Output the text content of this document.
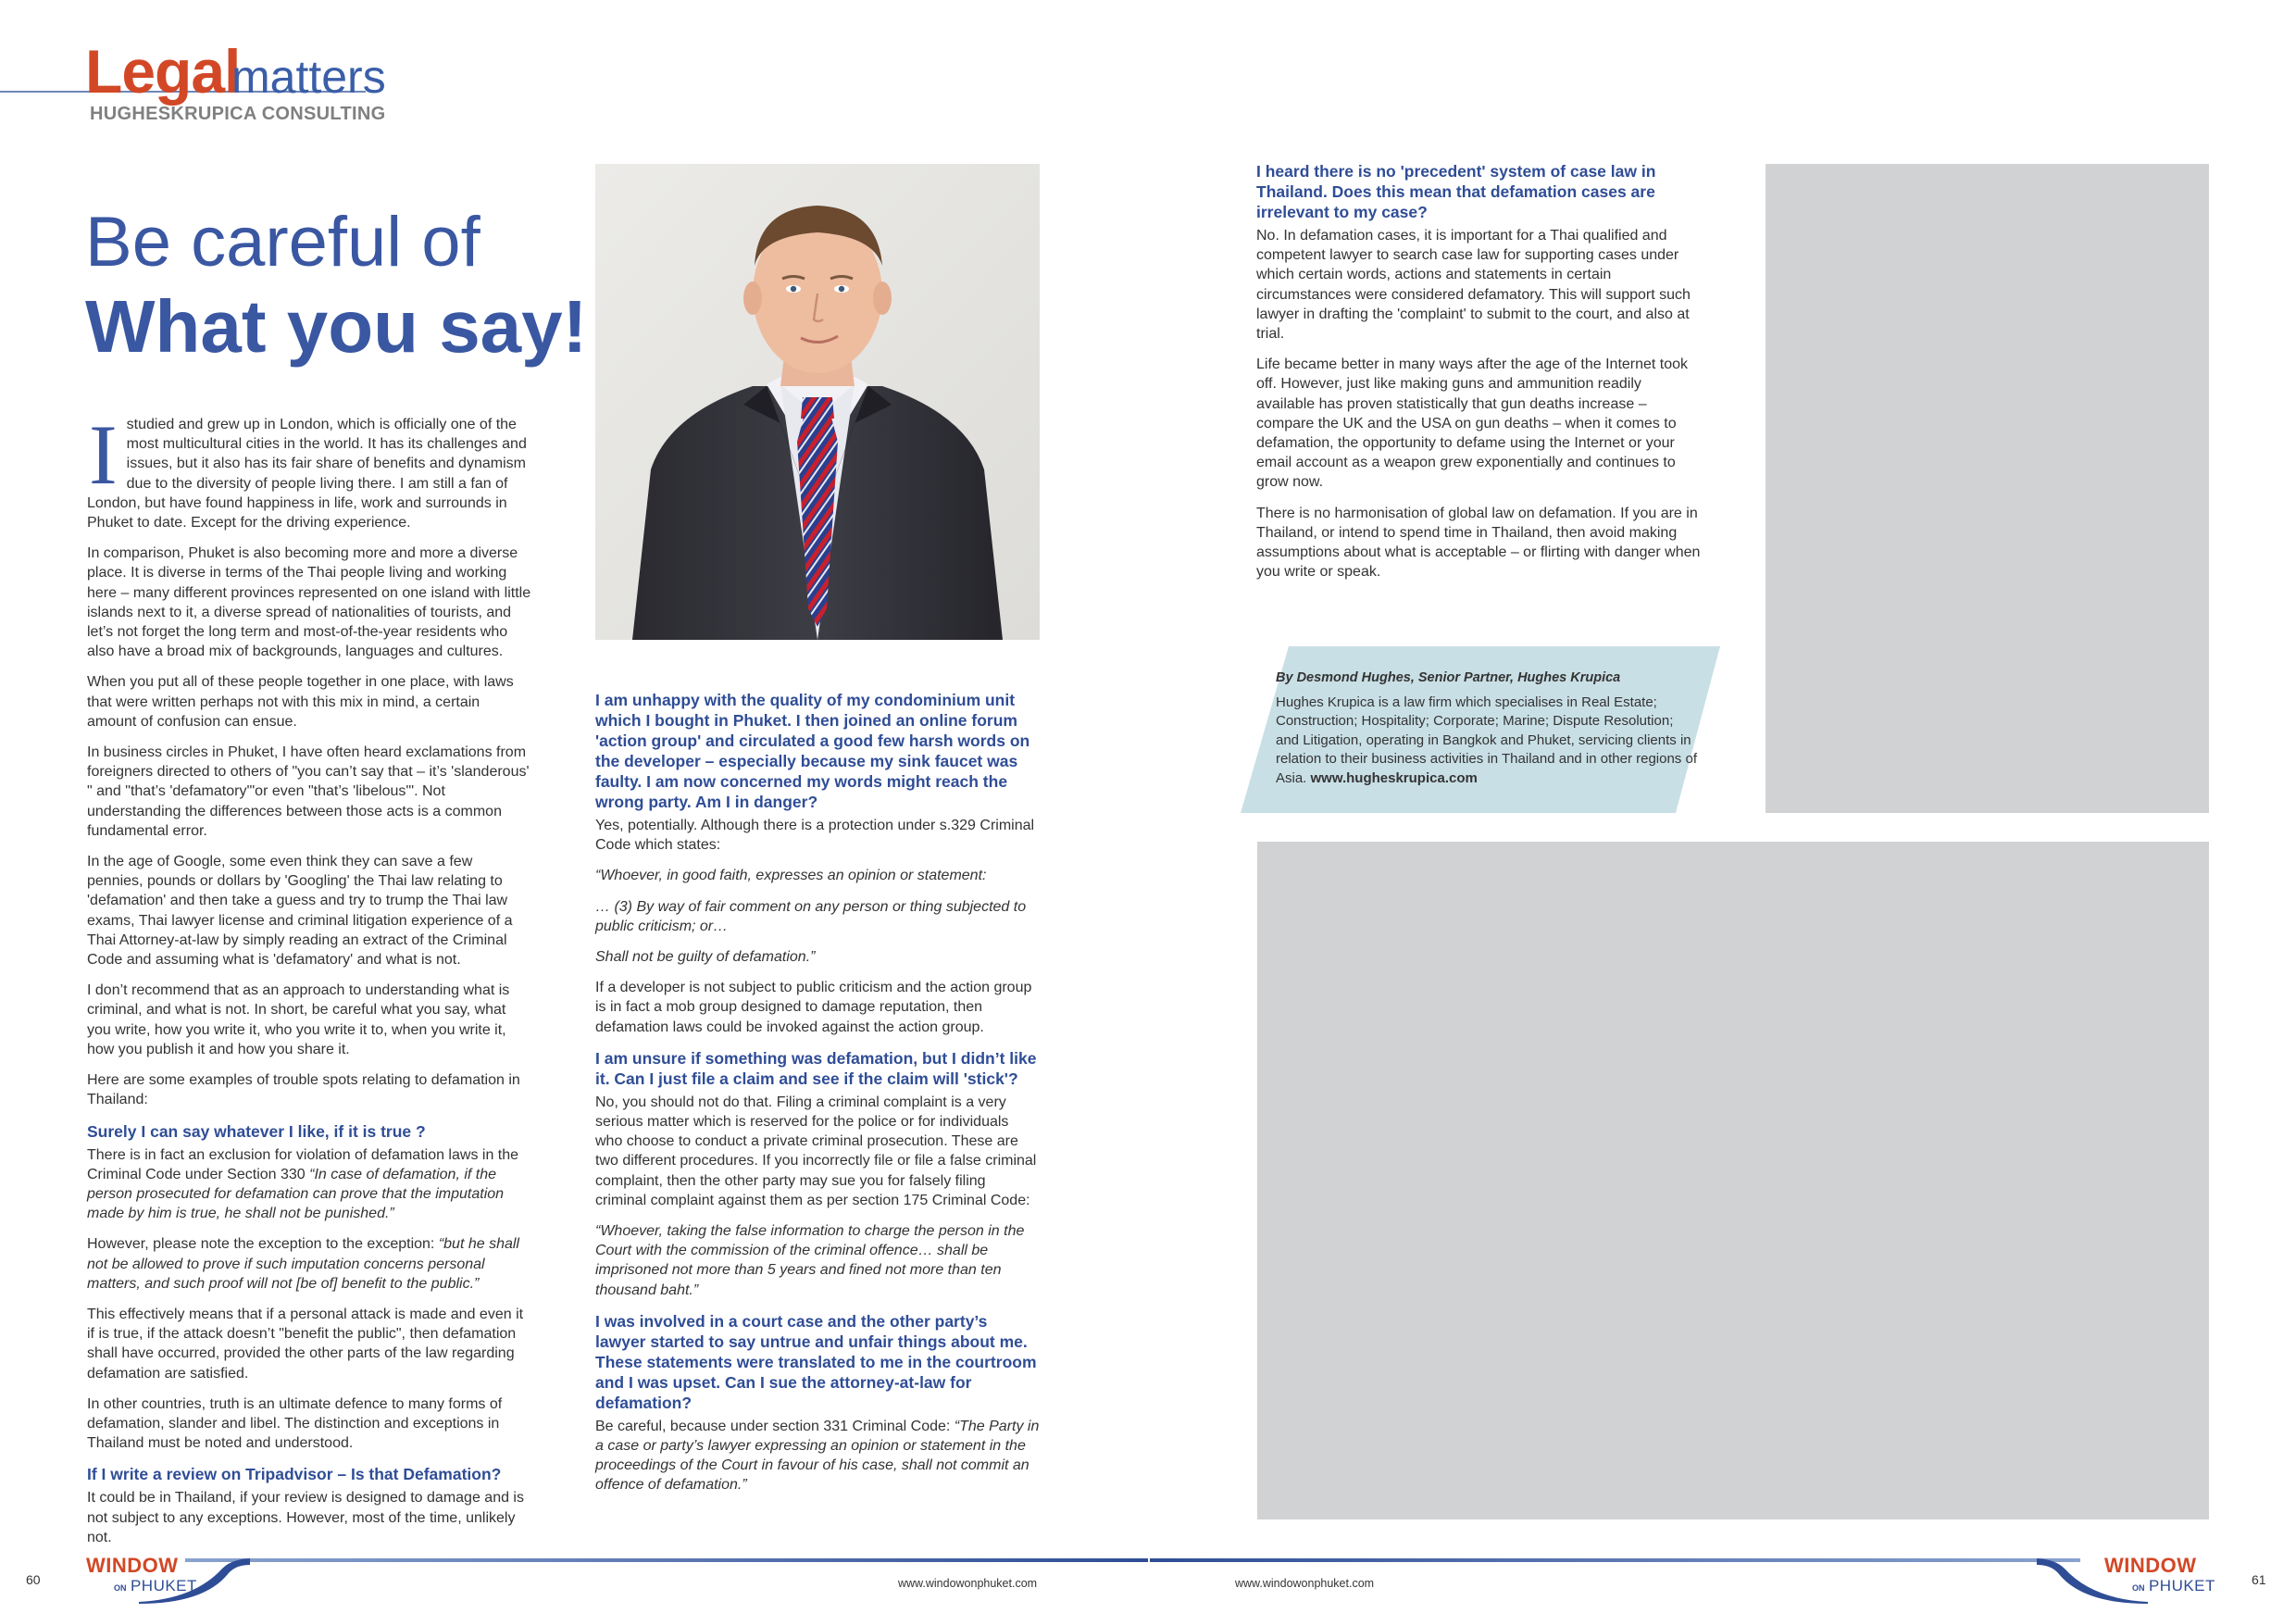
Legal
matters
HUGHESKRUPICA CONSULTING
Be careful of
What you say!

Istudied and grew up in London, which is officially one of the most multicultural cities in the world. It has its challenges and issues, but it also has its fair share of benefits and dynamism due to the diversity of people living there. I am still a fan of London, but have found happiness in life, work and surrounds in Phuket to date. Except for the driving experience.

In comparison, Phuket is also becoming more and more a diverse place. It is diverse in terms of the Thai people living and working here – many different provinces represented on one island with little islands next to it, a diverse spread of nationalities of tourists, and let’s not forget the long term and most-of-the-year residents who also have a broad mix of backgrounds, languages and cultures.

When you put all of these people together in one place, with laws that were written perhaps not with this mix in mind, a certain amount of confusion can ensue.

In business circles in Phuket, I have often heard exclamations from foreigners directed to others of "you can’t say that – it’s 'slanderous' " and "that’s 'defamatory'"or even "that’s 'libelous'". Not understanding the differences between those acts is a common fundamental error.

In the age of Google, some even think they can save a few pennies, pounds or dollars by 'Googling' the Thai law relating to 'defamation' and then take a guess and try to trump the Thai law exams, Thai lawyer license and criminal litigation experience of a Thai Attorney-at-law by simply reading an extract of the Criminal Code and assuming what is 'defamatory' and what is not.

I don’t recommend that as an approach to understanding what is criminal, and what is not. In short, be careful what you say, what you write, how you write it, who you write it to, when you write it, how you publish it and how you share it.

Here are some examples of trouble spots relating to defamation in Thailand:

Surely I can say whatever I like, if it is true ?

There is in fact an exclusion for violation of defamation laws in the Criminal Code under Section 330 “In case of defamation, if the person prosecuted for defamation can prove that the imputation made by him is true, he shall not be punished.”

However, please note the exception to the exception: “but he shall not be allowed to prove if such imputation concerns personal matters, and such proof will not [be of] benefit to the public.”

This effectively means that if a personal attack is made and even it if is true, if the attack doesn’t "benefit the public", then defamation shall have occurred, provided the other parts of the law regarding defamation are satisfied.

In other countries, truth is an ultimate defence to many forms of defamation, slander and libel. The distinction and exceptions in Thailand must be noted and understood.

If I write a review on Tripadvisor – Is that Defamation?

It could be in Thailand, if your review is designed to damage and is not subject to any exceptions. However, most of the time, unlikely not.

I am unhappy with the quality of my condominium unit which I bought in Phuket. I then joined an online forum 'action group' and circulated a good few harsh words on the developer – especially because my sink faucet was faulty. I am now concerned my words might reach the wrong party. Am I in danger?

Yes, potentially. Although there is a protection under s.329 Criminal Code which states:

“Whoever, in good faith, expresses an opinion or statement:

… (3) By way of fair comment on any person or thing subjected to public criticism; or…

Shall not be guilty of defamation.”

If a developer is not subject to public criticism and the action group is in fact a mob group designed to damage reputation, then defamation laws could be invoked against the action group.

I am unsure if something was defamation, but I didn’t like it. Can I just file a claim and see if the claim will 'stick'?

No, you should not do that. Filing a criminal complaint is a very serious matter which is reserved for the police or for individuals who choose to conduct a private criminal prosecution. These are two different procedures. If you incorrectly file or file a false criminal complaint, then the other party may sue you for falsely filing criminal complaint against them as per section 175 Criminal Code:

“Whoever, taking the false information to charge the person in the Court with the commission of the criminal offence… shall be imprisoned not more than 5 years and fined not more than ten thousand baht.”

I was involved in a court case and the other party’s lawyer started to say untrue and unfair things about me. These statements were translated to me in the courtroom and I was upset. Can I sue the attorney-at-law for defamation?

Be careful, because under section 331 Criminal Code: “The Party in a case or party’s lawyer expressing an opinion or statement in the proceedings of the Court in favour of his case, shall not commit an offence of defamation.”

I heard there is no 'precedent' system of case law in Thailand. Does this mean that defamation cases are irrelevant to my case?

No. In defamation cases, it is important for a Thai qualified and competent lawyer to search case law for supporting cases under which certain words, actions and statements in certain circumstances were considered defamatory. This will support such lawyer in drafting the 'complaint' to submit to the court, and also at trial.

Life became better in many ways after the age of the Internet took off. However, just like making guns and ammunition readily available has proven statistically that gun deaths increase – compare the UK and the USA on gun deaths – when it comes to defamation, the opportunity to defame using the Internet or your email account as a weapon grew exponentially and continues to grow now.

There is no harmonisation of global law on defamation. If you are in Thailand, or intend to spend time in Thailand, then avoid making assumptions about what is acceptable – or flirting with danger when you write or speak.

By Desmond Hughes, Senior Partner, Hughes Krupica
Hughes Krupica is a law firm which specialises in Real Estate; Construction; Hospitality; Corporate; Marine; Dispute Resolution; and Litigation, operating in Bangkok and Phuket, servicing clients in relation to their business activities in Thailand and in other regions of Asia. www.hugheskrupica.com
60
WINDOW
ON PHUKET	www.windowonphuket.com	www.windowonphuket.com
WINDOW
ON PHUKET	61
